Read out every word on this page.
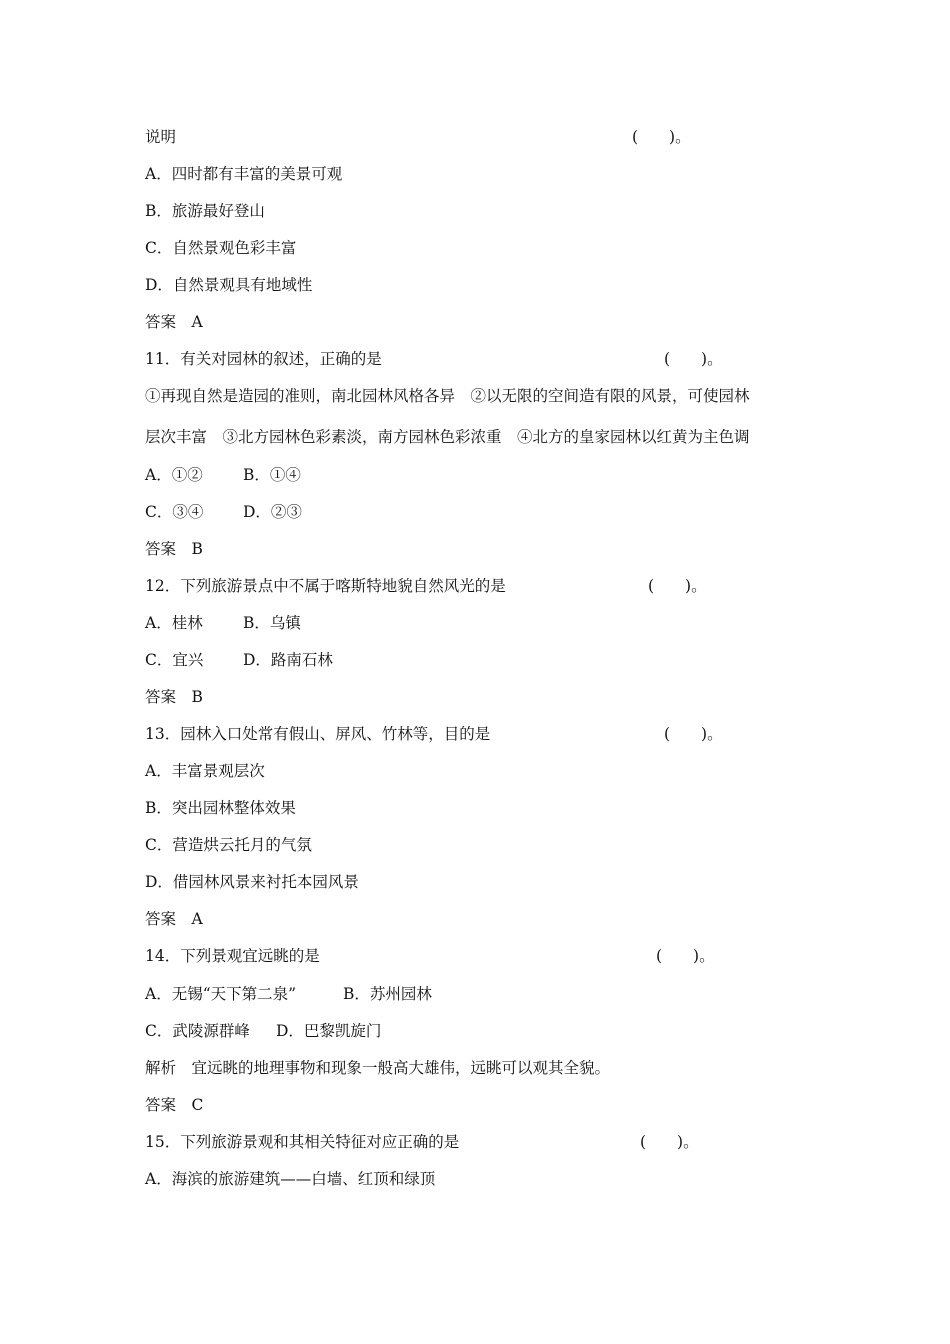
说明	(　　)。
A．四时都有丰富的美景可观
B．旅游最好登山
C．自然景观色彩丰富
D．自然景观具有地域性
答案　A
11．有关对园林的叙述，正确的是	(　　)。
①再现自然是造园的准则，南北园林风格各异　②以无限的空间造有限的风景，可使园林
层次丰富　③北方园林色彩素淡，南方园林色彩浓重　④北方的皇家园林以红黄为主色调
A．①②	B．①④
C．③④	D．②③
答案　B
12．下列旅游景点中不属于喀斯特地貌自然风光的是	(　　)。
A．桂林	B．乌镇
C．宜兴	D．路南石林
答案　B
13．园林入口处常有假山、屏风、竹林等，目的是	(　　)。
A．丰富景观层次
B．突出园林整体效果
C．营造烘云托月的气氛
D．借园林风景来衬托本园风景
答案　A
14．下列景观宜远眺的是	(　　)。
A．无锡“天下第二泉”	B．苏州园林
C．武陵源群峰 D．巴黎凯旋门
解析　宜远眺的地理事物和现象一般高大雄伟，远眺可以观其全貌。
答案　C
15．下列旅游景观和其相关特征对应正确的是	(　　)。
A．海滨的旅游建筑——白墙、红顶和绿顶
